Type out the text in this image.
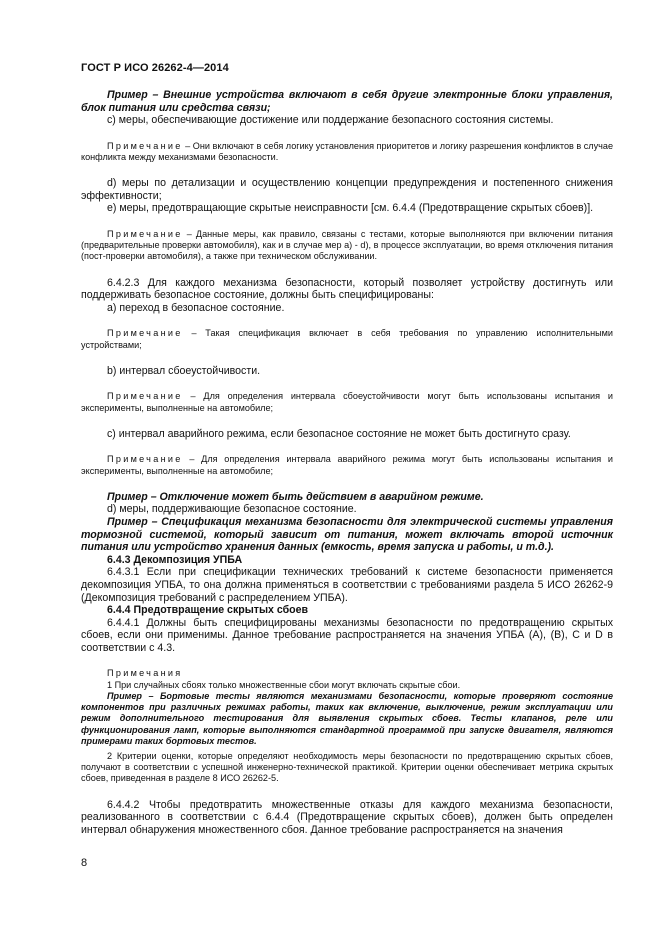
ГОСТ Р ИСО 26262-4—2014

Пример – Внешние устройства включают в себя другие электронные блоки управления, блок питания или средства связи;

c) меры, обеспечивающие достижение или поддержание безопасного состояния системы.

Примечание – Они включают в себя логику установления приоритетов и логику разрешения конфликтов в случае конфликта между механизмами безопасности.

d) меры по детализации и осуществлению концепции предупреждения и постепенного снижения эффективности;

e) меры, предотвращающие скрытые неисправности [см. 6.4.4 (Предотвращение скрытых сбоев)].

Примечание – Данные меры, как правило, связаны с тестами, которые выполняются при включении питания (предварительные проверки автомобиля), как и в случае мер a) - d), в процессе эксплуатации, во время отключения питания (пост-проверки автомобиля), а также при техническом обслуживании.

6.4.2.3 Для каждого механизма безопасности, который позволяет устройству достигнуть или поддерживать безопасное состояние, должны быть специфицированы:

a) переход в безопасное состояние.

Примечание – Такая спецификация включает в себя требования по управлению исполнительными устройствами;

b) интервал сбоеустойчивости.

Примечание – Для определения интервала сбоеустойчивости могут быть использованы испытания и эксперименты, выполненные на автомобиле;

c) интервал аварийного режима, если безопасное состояние не может быть достигнуто сразу.

Примечание – Для определения интервала аварийного режима могут быть использованы испытания и эксперименты, выполненные на автомобиле;

Пример – Отключение может быть действием в аварийном режиме.

d) меры, поддерживающие безопасное состояние.

Пример – Спецификация механизма безопасности для электрической системы управления тормозной системой, который зависит от питания, может включать второй источник питания или устройство хранения данных (емкость, время запуска и работы, и т.д.).

6.4.3 Декомпозиция УПБА

6.4.3.1 Если при спецификации технических требований к системе безопасности применяется декомпозиция УПБА, то она должна применяться в соответствии с требованиями раздела 5 ИСО 26262-9 (Декомпозиция требований с распределением УПБА).

6.4.4 Предотвращение скрытых сбоев

6.4.4.1 Должны быть специфицированы механизмы безопасности по предотвращению скрытых сбоев, если они применимы. Данное требование распространяется на значения УПБА (A), (B), C и D в соответствии с 4.3.

Примечания

1 При случайных сбоях только множественные сбои могут включать скрытые сбои.

Пример – Бортовые тесты являются механизмами безопасности, которые проверяют состояние компонентов при различных режимах работы, таких как включение, выключение, режим эксплуатации или режим дополнительного тестирования для выявления скрытых сбоев. Тесты клапанов, реле или функционирования ламп, которые выполняются стандартной программой при запуске двигателя, являются примерами таких бортовых тестов.

2 Критерии оценки, которые определяют необходимость меры безопасности по предотвращению скрытых сбоев, получают в соответствии с успешной инженерно-технической практикой. Критерии оценки обеспечивает метрика скрытых сбоев, приведенная в разделе 8 ИСО 26262-5.

6.4.4.2 Чтобы предотвратить множественные отказы для каждого механизма безопасности, реализованного в соответствии с 6.4.4 (Предотвращение скрытых сбоев), должен быть определен интервал обнаружения множественного сбоя. Данное требование распространяется на значения

8
